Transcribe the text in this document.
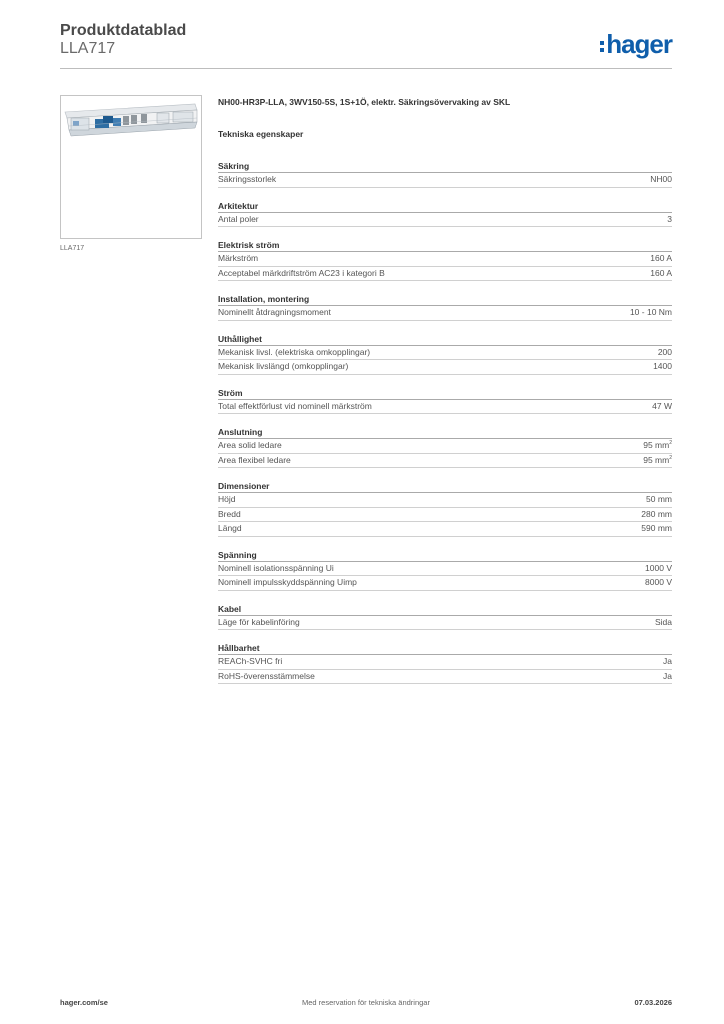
Produktdatablad
LLA717	hager
LLA717
NH00-HR3P-LLA, 3WV150-5S, 1S+1Ö, elektr. Säkringsövervaking av SKL
Tekniska egenskaper
Säkring
Säkringsstorlek	NH00
Arkitektur
Antal poler	3
Elektrisk ström
Märkström	160 A
Acceptabel märkdriftström AC23 i kategori B	160 A
Installation, montering
Nominellt åtdragningsmoment	10 - 10 Nm
Uthållighet
Mekanisk livsl. (elektriska omkopplingar)	200
Mekanisk livslängd (omkopplingar)	1400
Ström
Total effektförlust vid nominell märkström	47 W
Anslutning
Area solid ledare	95 $mm^2$
Area flexibel ledare	95 $mm^2$
Dimensioner
Höjd	50 mm
Bredd	280 mm
Längd	590 mm
Spänning
Nominell isolationsspänning Ui	1000 V
Nominell impulsskyddspänning Uimp	8000 V
Kabel
Läge för kabelinföring	Sida
Hållbarhet
REACh-SVHC fri	Ja
RoHS-överensstämmelse	Ja
hager.com/se	Med reservation för tekniska ändringar	07.03.2026
